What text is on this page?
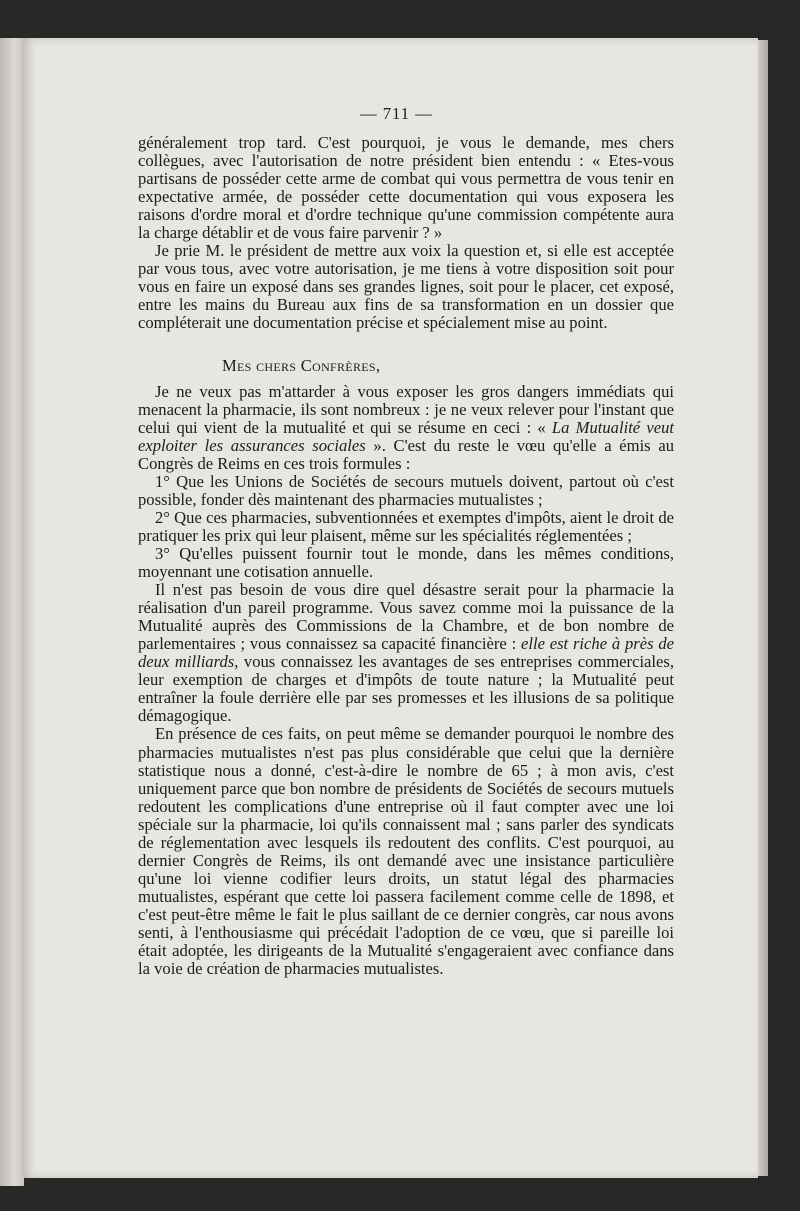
— 711 —

généralement trop tard. C'est pourquoi, je vous le demande, mes chers collègues, avec l'autorisation de notre président bien entendu : « Etes-vous partisans de posséder cette arme de combat qui vous permettra de vous tenir en expectative armée, de posséder cette documentation qui vous exposera les raisons d'ordre moral et d'ordre technique qu'une commission compétente aura la charge détablir et de vous faire parvenir ? »

Je prie M. le président de mettre aux voix la question et, si elle est acceptée par vous tous, avec votre autorisation, je me tiens à votre disposition soit pour vous en faire un exposé dans ses grandes lignes, soit pour le placer, cet exposé, entre les mains du Bureau aux fins de sa transformation en un dossier que compléterait une documentation précise et spécialement mise au point.

Mes chers Confrères,

Je ne veux pas m'attarder à vous exposer les gros dangers immédiats qui menacent la pharmacie, ils sont nombreux : je ne veux relever pour l'instant que celui qui vient de la mutualité et qui se résume en ceci : « La Mutualité veut exploiter les assurances sociales ». C'est du reste le vœu qu'elle a émis au Congrès de Reims en ces trois formules :

1° Que les Unions de Sociétés de secours mutuels doivent, partout où c'est possible, fonder dès maintenant des pharmacies mutualistes ;

2° Que ces pharmacies, subventionnées et exemptes d'impôts, aient le droit de pratiquer les prix qui leur plaisent, même sur les spécialités réglementées ;

3° Qu'elles puissent fournir tout le monde, dans les mêmes conditions, moyennant une cotisation annuelle.

Il n'est pas besoin de vous dire quel désastre serait pour la pharmacie la réalisation d'un pareil programme. Vous savez comme moi la puissance de la Mutualité auprès des Commissions de la Chambre, et de bon nombre de parlementaires ; vous connaissez sa capacité financière : elle est riche à près de deux milliards, vous connaissez les avantages de ses entreprises commerciales, leur exemption de charges et d'impôts de toute nature ; la Mutualité peut entraîner la foule derrière elle par ses promesses et les illusions de sa politique démagogique.

En présence de ces faits, on peut même se demander pourquoi le nombre des pharmacies mutualistes n'est pas plus considérable que celui que la dernière statistique nous a donné, c'est-à-dire le nombre de 65 ; à mon avis, c'est uniquement parce que bon nombre de présidents de Sociétés de secours mutuels redoutent les complications d'une entreprise où il faut compter avec une loi spéciale sur la pharmacie, loi qu'ils connaissent mal ; sans parler des syndicats de réglementation avec lesquels ils redoutent des conflits. C'est pourquoi, au dernier Congrès de Reims, ils ont demandé avec une insistance particulière qu'une loi vienne codifier leurs droits, un statut légal des pharmacies mutualistes, espérant que cette loi passera facilement comme celle de 1898, et c'est peut-être même le fait le plus saillant de ce dernier congrès, car nous avons senti, à l'enthousiasme qui précédait l'adoption de ce vœu, que si pareille loi était adoptée, les dirigeants de la Mutualité s'engageraient avec confiance dans la voie de création de pharmacies mutualistes.
